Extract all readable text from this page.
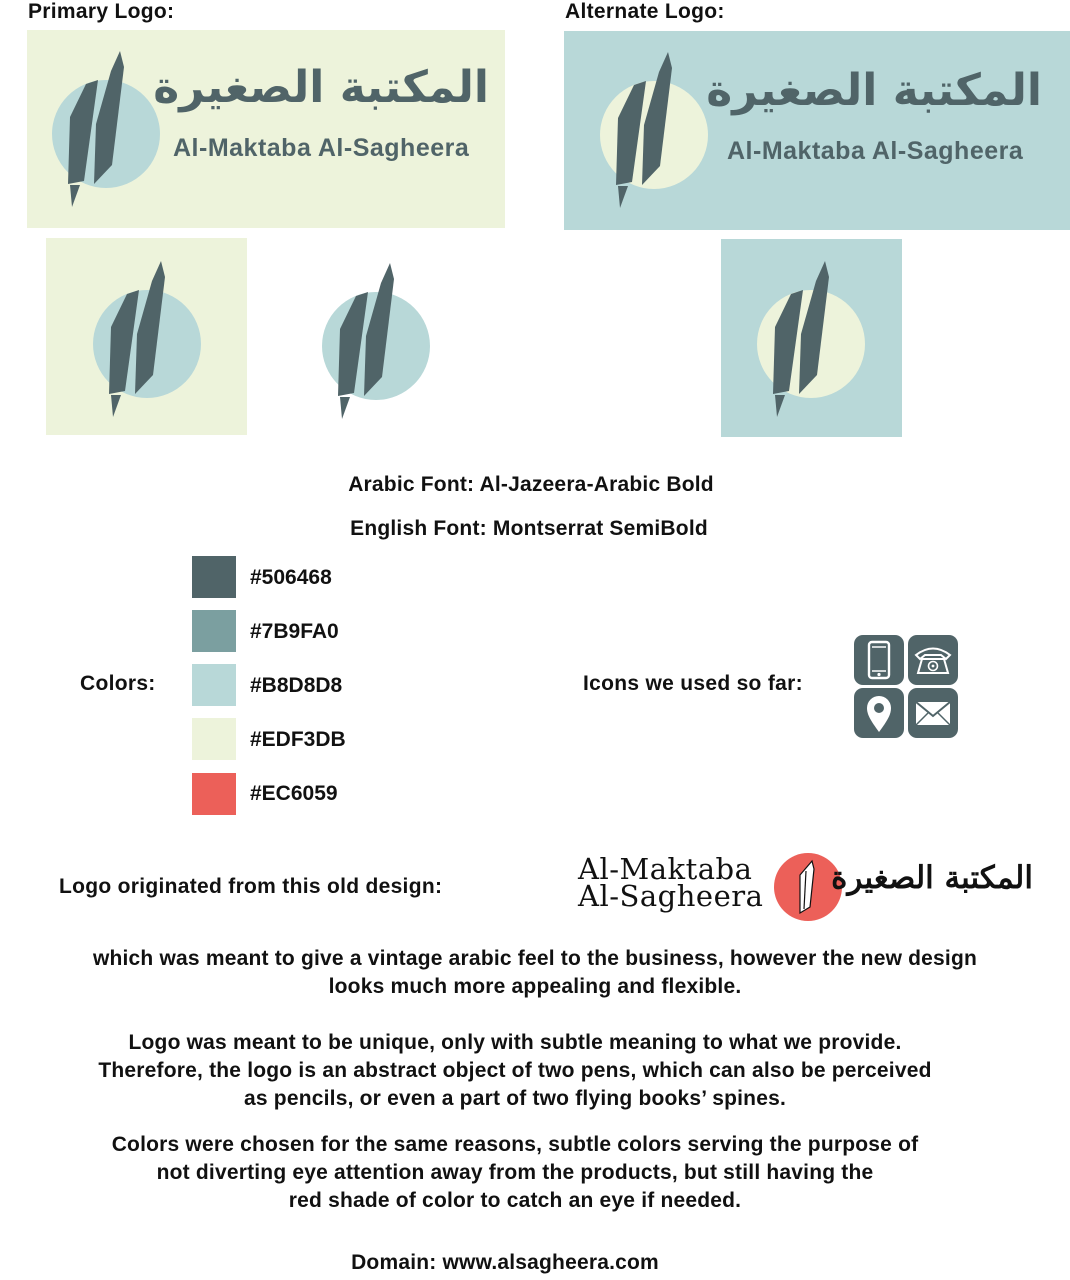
Primary Logo:
المكتبة الصغيرة
Al-Maktaba Al-Sagheera
Alternate Logo:
المكتبة الصغيرة
Al-Maktaba Al-Sagheera
Arabic Font: Al-Jazeera-Arabic Bold
English Font: Montserrat SemiBold
Colors:
#506468
#7B9FA0
#B8D8D8
#EDF3DB
#EC6059
Icons we used so far:
Logo originated from this old design:
Al-Maktaba
Al-Sagheera المكتبة الصغيرة
which was meant to give a vintage arabic feel to the business, however the new design
looks much more appealing and flexible.
Logo was meant to be unique, only with subtle meaning to what we provide.
Therefore, the logo is an abstract object of two pens, which can also be perceived
as pencils, or even a part of two flying books’ spines.
Colors were chosen for the same reasons, subtle colors serving the purpose of
not diverting eye attention away from the products, but still having the
red shade of color to catch an eye if needed.
Domain: www.alsagheera.com
